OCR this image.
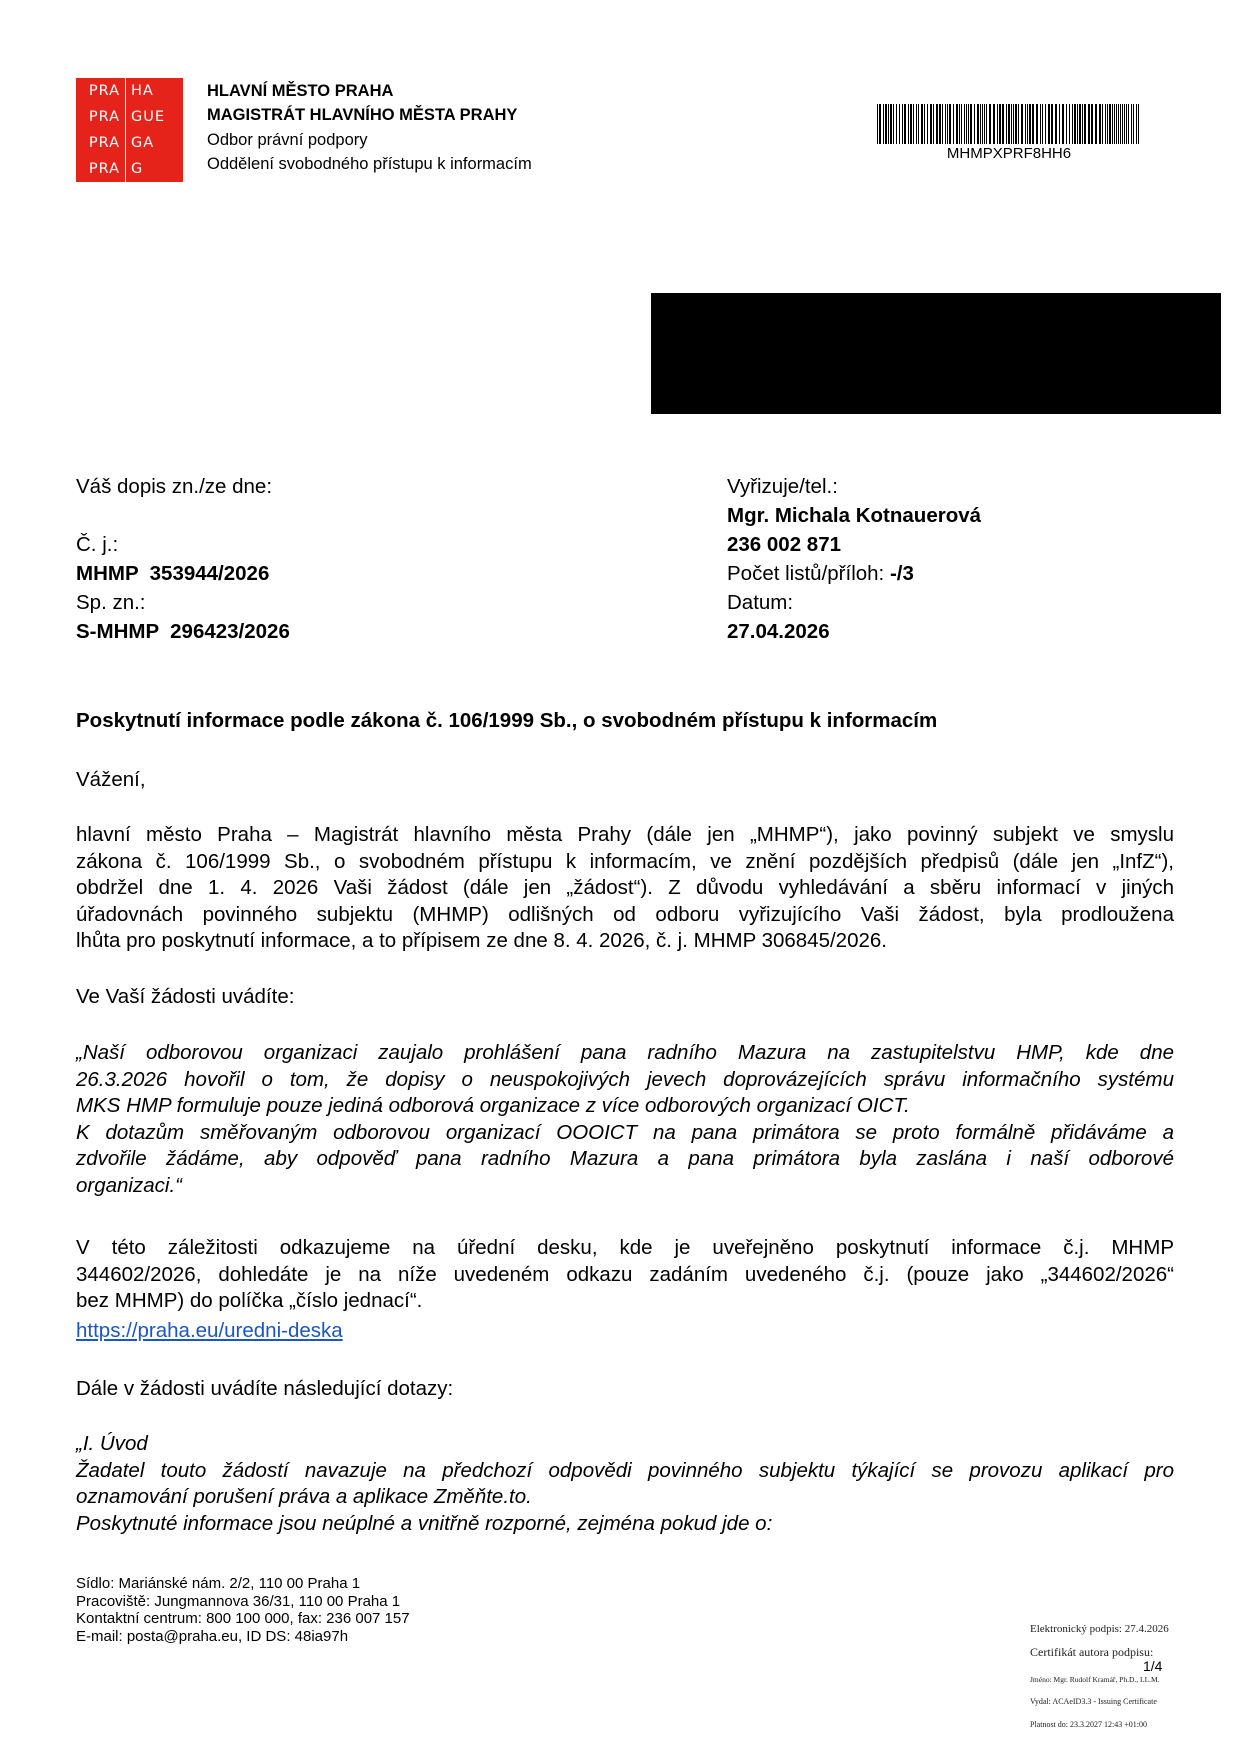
PRA HA
PRA GUE
PRA GA
PRA G
HLAVNÍ MĚSTO PRAHA
MAGISTRÁT HLAVNÍHO MĚSTA PRAHY
Odbor právní podpory
Oddělení svobodného přístupu k informacím
MHMPXPRF8HH6
Váš dopis zn./ze dne:
Č. j.:
MHMP  353944/2026
Sp. zn.:
S-MHMP  296423/2026
Vyřizuje/tel.:
Mgr. Michala Kotnauerová
236 002 871
Počet listů/příloh: -/3
Datum:
27.04.2026
Poskytnutí informace podle zákona č. 106/1999 Sb., o svobodném přístupu k informacím
Vážení,
hlavní město Praha – Magistrát hlavního města Prahy (dále jen „MHMP“), jako povinný subjekt ve smyslu
zákona č. 106/1999 Sb., o svobodném přístupu k informacím, ve znění pozdějších předpisů (dále jen „InfZ“),
obdržel dne 1. 4. 2026 Vaši žádost (dále jen „žádost“). Z důvodu vyhledávání a sběru informací v jiných
úřadovnách povinného subjektu (MHMP) odlišných od odboru vyřizujícího Vaši žádost, byla prodloužena
lhůta pro poskytnutí informace, a to přípisem ze dne 8. 4. 2026, č. j. MHMP 306845/2026.
Ve Vaší žádosti uvádíte:
„Naší odborovou organizaci zaujalo prohlášení pana radního Mazura na zastupitelstvu HMP, kde dne
26.3.2026 hovořil o tom, že dopisy o neuspokojivých jevech doprovázejících správu informačního systému
MKS HMP formuluje pouze jediná odborová organizace z více odborových organizací OICT.
K dotazům směřovaným odborovou organizací OOOICT na pana primátora se proto formálně přidáváme a
zdvořile žádáme, aby odpověď pana radního Mazura a pana primátora byla zaslána i naší odborové
organizaci.“
V této záležitosti odkazujeme na úřední desku, kde je uveřejněno poskytnutí informace č.j. MHMP
344602/2026, dohledáte je na níže uvedeném odkazu zadáním uvedeného č.j. (pouze jako „344602/2026“
bez MHMP) do políčka „číslo jednací“.
https://praha.eu/uredni-deska
Dále v žádosti uvádíte následující dotazy:
„I. Úvod
Žadatel touto žádostí navazuje na předchozí odpovědi povinného subjektu týkající se provozu aplikací pro
oznamování porušení práva a aplikace Změňte.to.
Poskytnuté informace jsou neúplné a vnitřně rozporné, zejména pokud jde o:
Sídlo: Mariánské nám. 2/2, 110 00 Praha 1
Pracoviště: Jungmannova 36/31, 110 00 Praha 1
Kontaktní centrum: 800 100 000, fax: 236 007 157
E-mail: posta@praha.eu, ID DS: 48ia97h	Elektronický podpis: 27.4.2026
Certifikát autora podpisu:
1/4
Jméno: Mgr. Rudolf Kramář, Ph.D., LL.M.
Vydal: ACAeID3.3 - Issuing Certificate
Platnost do: 23.3.2027 12:43 +01:00
